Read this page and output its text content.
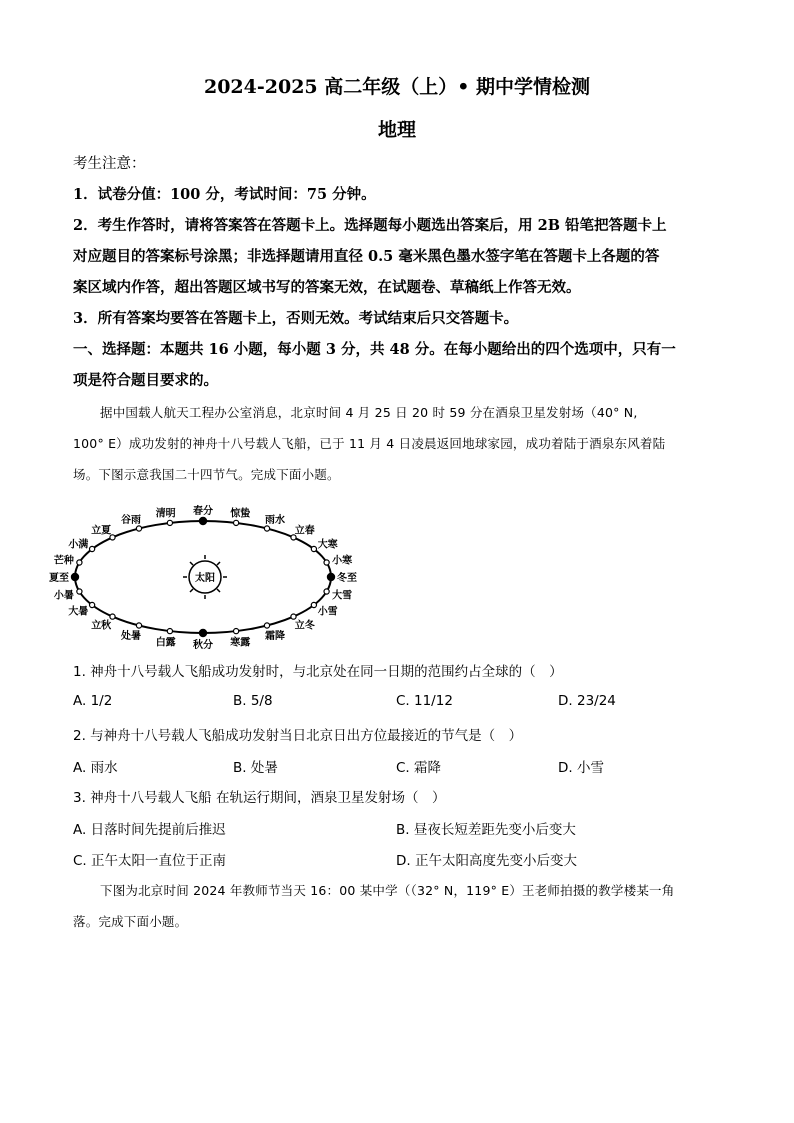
2024-2025 高二年级（上）• 期中学情检测
地理
考生注意：
1．试卷分值：100 分，考试时间：75 分钟。
2．考生作答时，请将答案答在答题卡上。选择题每小题选出答案后，用 2B 铅笔把答题卡上
对应题目的答案标号涂黑；非选择题请用直径 0.5 毫米黑色墨水签字笔在答题卡上各题的答
案区域内作答，超出答题区域书写的答案无效，在试题卷、草稿纸上作答无效。
3．所有答案均要答在答题卡上，否则无效。考试结束后只交答题卡。
一、选择题：本题共 16 小题，每小题 3 分，共 48 分。在每小题给出的四个选项中，只有一
项是符合题目要求的。
据中国载人航天工程办公室消息，北京时间 4 月 25 日 20 时 59 分在酒泉卫星发射场（40° N,
100° E）成功发射的神舟十八号载人飞船，已于 11 月 4 日凌晨返回地球家园，成功着陆于酒泉东风着陆
场。下图示意我国二十四节气。完成下面小题。
太阳
春分
清明
谷雨
立夏
小满
芒种
夏至
小暑
大暑
立秋
处暑
白露 秋分 寒露
霜降
立冬
小雪
大雪
冬至
小寒
大寒
立春
雨水
惊蛰
1. 神舟十八号载人飞船成功发射时，与北京处在同一日期的范围约占全球的（　）
A. 1/2	B. 5/8	C. 11/12	D. 23/24
2. 与神舟十八号载人飞船成功发射当日北京日出方位最接近的节气是（　）
A. 雨水	B. 处暑	C. 霜降	D. 小雪
3. 神舟十八号载人飞船 在轨运行期间，酒泉卫星发射场（　）
A. 日落时间先提前后推迟	B. 昼夜长短差距先变小后变大
C. 正午太阳一直位于正南	D. 正午太阳高度先变小后变大
下图为北京时间 2024 年教师节当天 16：00 某中学（（32° N，119° E）王老师拍摄的教学楼某一角
落。完成下面小题。
